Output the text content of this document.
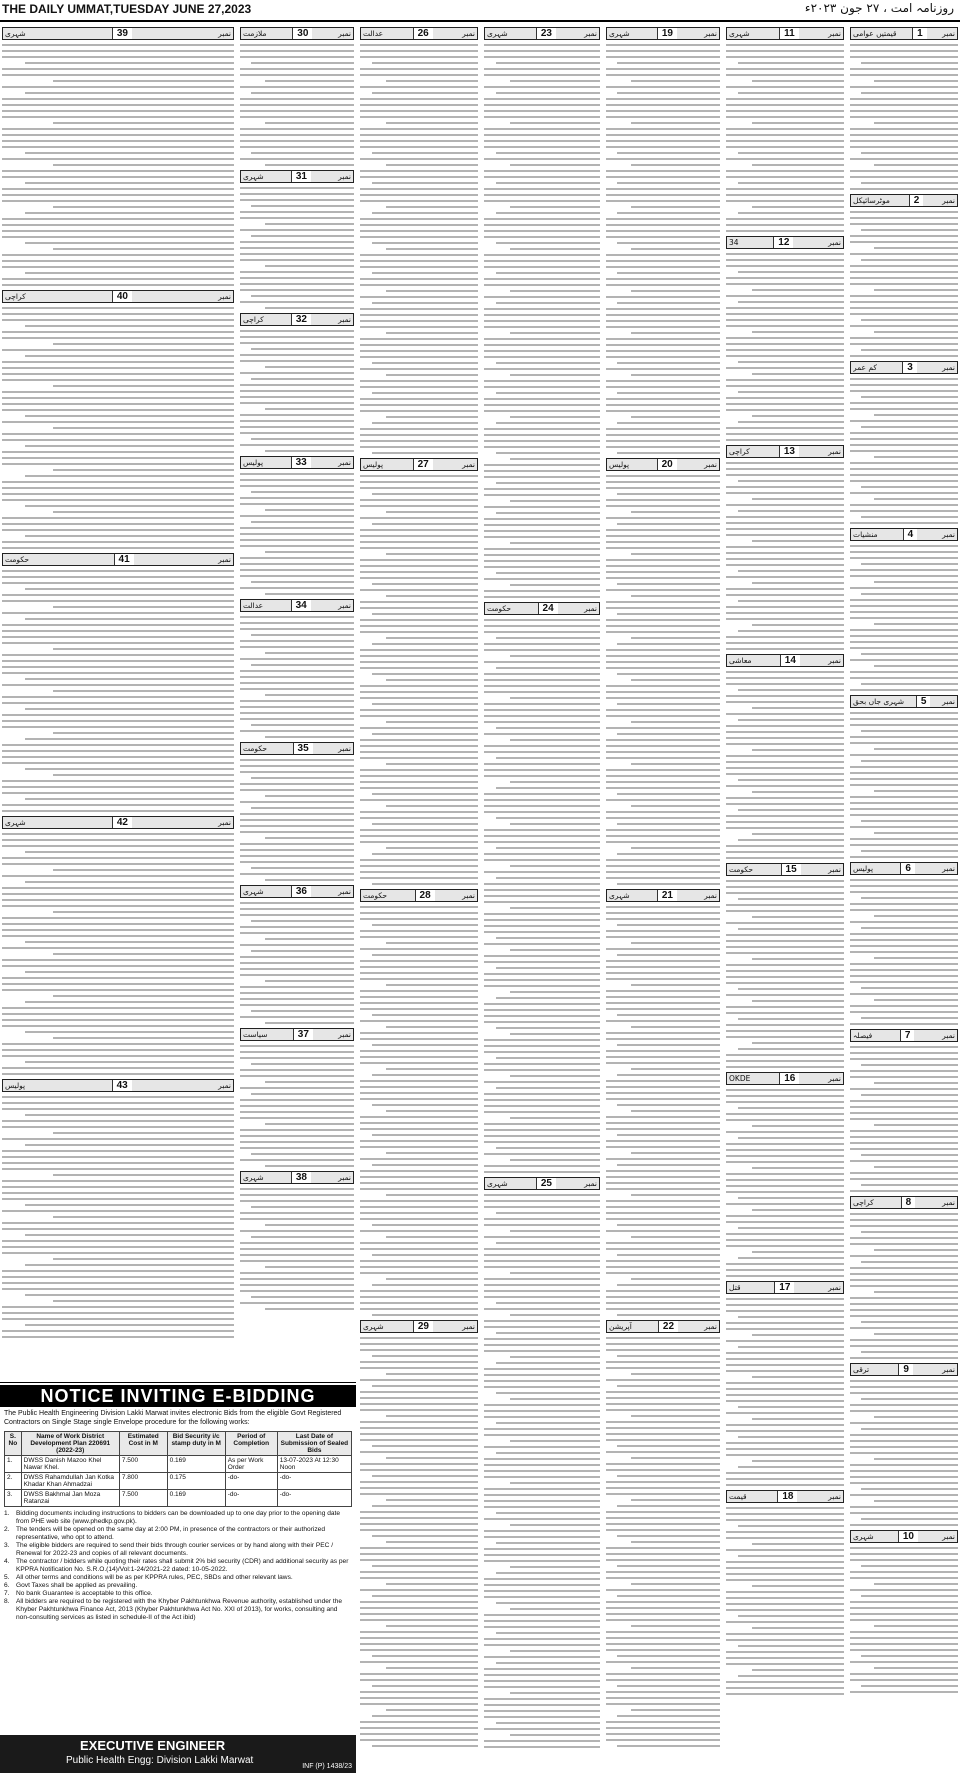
THE DAILY UMMAT,TUESDAY JUNE 27,2023	روزنامہ امت ، ۲۷ جون ۲۰۲۳ء
نمبر
1
قیمتیں عوامی
نمبر
2
موٹرسائیکل
نمبر
3
کم عمر
نمبر
4
منشیات
نمبر
5
شہری جاں بحق
نمبر
6
پولیس
نمبر
7
فیصلہ
نمبر
8
کراچی
نمبر
9
ترقی
نمبر
10
شہری
نمبر
11
شہری
نمبر
12
34
نمبر
13
کراچی
نمبر
14
معاشی
نمبر
15
حکومت
نمبر
16
OKDE
نمبر
17
قتل
نمبر
18
قیمت
نمبر
19
شہری
نمبر
20
پولیس
نمبر
21
شہری
نمبر
22
آپریشن
نمبر
23
شہری
نمبر
24
حکومت
نمبر
25
شہری
نمبر
26
عدالت
نمبر
27
پولیس
نمبر
28
حکومت
نمبر
29
شہری
نمبر
30
ملازمت
نمبر
31
شہری
نمبر
32
کراچی
نمبر
33
پولیس
نمبر
34
عدالت
نمبر
35
حکومت
نمبر
36
شہری
نمبر
37
سیاست
نمبر
38
شہری
نمبر
39
شہری
نمبر
40
کراچی
نمبر
41
حکومت
نمبر
42
شہری
نمبر
43
پولیس
NOTICE INVITING E-BIDDING
The Public Health Engineering Division Lakki Marwat invites electronic Bids from the eligible Govt Registered Contractors on Single Stage single Envelope procedure for the following works:
S. No	Name of Work District Development Plan 220691 (2022-23)	Estimated Cost in M	Bid Security i/c stamp duty in M	Period of Completion	Last Date of Submission of Sealed Bids
1.	DWSS Danish Mazoo Khel Nawar Khel.	7.500	0.169	As per Work Order	13-07-2023 At 12:30 Noon
2.	DWSS Rahamdullah Jan Kotka Khadar Khan Ahmadzai	7.800	0.175	-do-	-do-
3.	DWSS Bakhmal Jan Moza Ratanzai	7.500	0.169	-do-	-do-
1. Bidding documents including instructions to bidders can be downloaded up to one day prior to the opening date from PHE web site (www.phedkp.gov.pk).
2. The tenders will be opened on the same day at 2:00 PM, in presence of the contractors or their authorized representative, who opt to attend.
3. The eligible bidders are required to send their bids through courier services or by hand along with their PEC / Renewal for 2022-23 and copies of all relevant documents.
4. The contractor / bidders while quoting their rates shall submit 2% bid security (CDR) and additional security as per KPPRA Notification No. S.R.O.(14)/Vol:1-24/2021-22 dated: 10-05-2022.
5. All other terms and conditions will be as per KPPRA rules, PEC, SBDs and other relevant laws.
6. Govt Taxes shall be applied as prevailing.
7. No bank Guarantee is acceptable to this office.
8. All bidders are required to be registered with the Khyber Pakhtunkhwa Revenue authority, established under the Khyber Pakhtunkhwa Finance Act, 2013 (Khyber Pakhtunkhwa Act No. XXI of 2013), for works, consulting and non-consulting services as listed in schedule-II of the Act ibid)
EXECUTIVE ENGINEER
Public Health Engg: Division Lakki Marwat
INF (P) 1438/23
